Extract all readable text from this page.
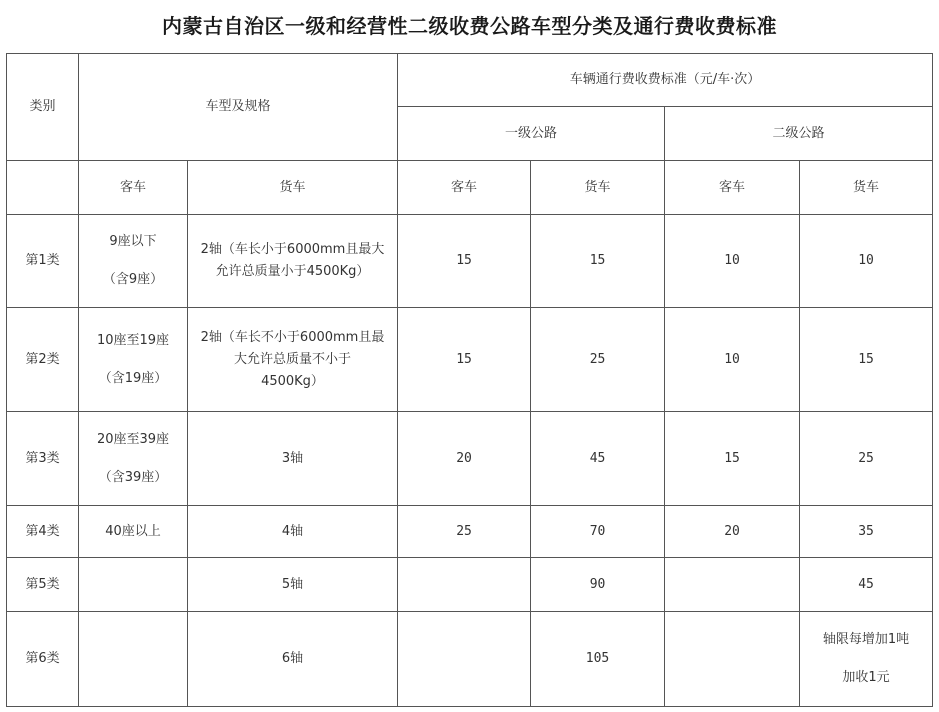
内蒙古自治区一级和经营性二级收费公路车型分类及通行费收费标准
类别	车型及规格		车辆通行费收费标准（元/车·次）			
			一级公路		二级公路	
	客车	货车	客车	货车	客车	货车
第1类	9座以下
（含9座）	2轴（车长小于6000mm且最大
允许总质量小于4500Kg）	15	15	10	10
第2类	10座至19座
（含19座）	2轴（车长不小于6000mm且最
大允许总质量不小于
4500Kg）	15	25	10	15
第3类	20座至39座
（含39座）	3轴	20	45	15	25
第4类	40座以上	4轴	25	70	20	35
第5类		5轴		90		45
第6类		6轴		105		轴限每增加1吨
加收1元
